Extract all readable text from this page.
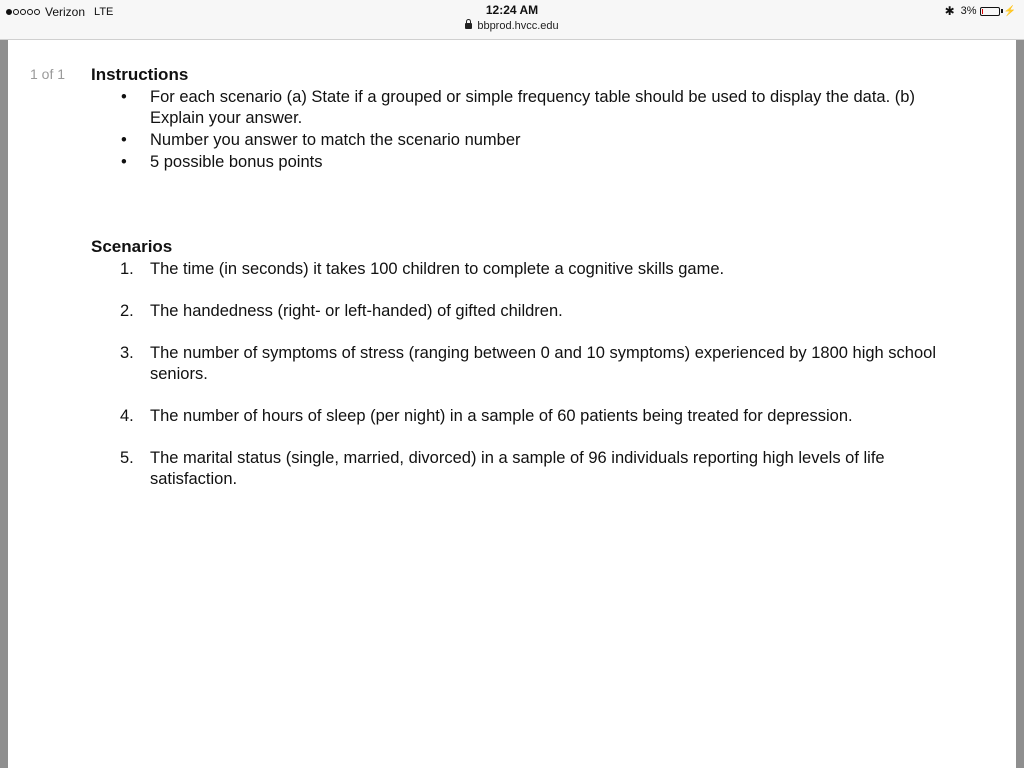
Verizon LTE	12:24 AM
bbprod.hvcc.edu
✱ 3%	⚡
1 of 1 Instructions
• For each scenario (a) State if a grouped or simple frequency table should be used to display the data. (b) Explain your answer.
• Number you answer to match the scenario number
• 5 possible bonus points
Scenarios
1. The time (in seconds) it takes 100 children to complete a cognitive skills game.
2. The handedness (right- or left-handed) of gifted children.
3. The number of symptoms of stress (ranging between 0 and 10 symptoms) experienced by 1800 high school seniors.
4. The number of hours of sleep (per night) in a sample of 60 patients being treated for depression.
5. The marital status (single, married, divorced) in a sample of 96 individuals reporting high levels of life satisfaction.
